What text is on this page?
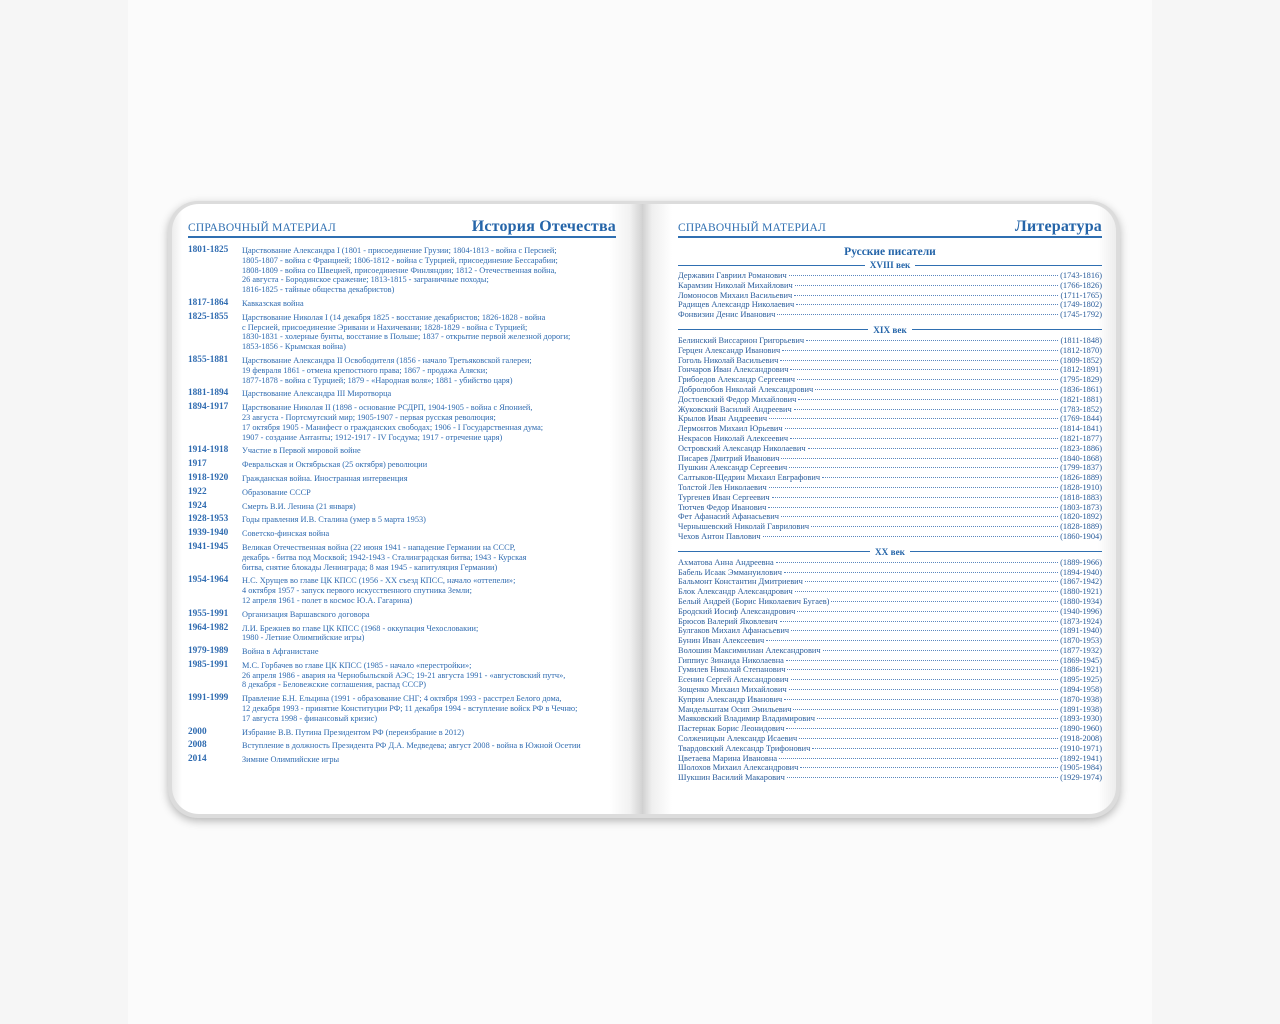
СПРАВОЧНЫЙ МАТЕРИАЛ	История Отечества
1801-1825	Царствование Александра I (1801 - присоединение Грузии; 1804-1813 - война с Персией;
1805-1807 - война с Францией; 1806-1812 - война с Турцией, присоединение Бессарабии;
1808-1809 - война со Швецией, присоединение Финляндии; 1812 - Отечественная война,
26 августа - Бородинское сражение; 1813-1815 - заграничные походы;
1816-1825 - тайные общества декабристов)
1817-1864	Кавказская война
1825-1855	Царствование Николая I (14 декабря 1825 - восстание декабристов; 1826-1828 - война
с Персией, присоединение Эривани и Нахичевани; 1828-1829 - война с Турцией;
1830-1831 - холерные бунты, восстание в Польше; 1837 - открытие первой железной дороги;
1853-1856 - Крымская война)
1855-1881	Царствование Александра II Освободителя (1856 - начало Третьяковской галереи;
19 февраля 1861 - отмена крепостного права; 1867 - продажа Аляски;
1877-1878 - война с Турцией; 1879 - «Народная воля»; 1881 - убийство царя)
1881-1894	Царствование Александра III Миротворца
1894-1917	Царствование Николая II (1898 - основание РСДРП, 1904-1905 - война с Японией,
23 августа - Портсмутский мир; 1905-1907 - первая русская революция;
17 октября 1905 - Манифест о гражданских свободах; 1906 - I Государственная дума;
1907 - создание Антанты; 1912-1917 - IV Госдума; 1917 - отречение царя)
1914-1918	Участие в Первой мировой войне
1917	Февральская и Октябрьская (25 октября) революции
1918-1920	Гражданская война. Иностранная интервенция
1922	Образование СССР
1924	Смерть В.И. Ленина (21 января)
1928-1953	Годы правления И.В. Сталина (умер в 5 марта 1953)
1939-1940	Советско-финская война
1941-1945	Великая Отечественная война (22 июня 1941 - нападение Германии на СССР,
декабрь - битва под Москвой; 1942-1943 - Сталинградская битва; 1943 - Курская
битва, снятие блокады Ленинграда; 8 мая 1945 - капитуляция Германии)
1954-1964	Н.С. Хрущев во главе ЦК КПСС (1956 - XX съезд КПСС, начало «оттепели»;
4 октября 1957 - запуск первого искусственного спутника Земли;
12 апреля 1961 - полет в космос Ю.А. Гагарина)
1955-1991	Организация Варшавского договора
1964-1982	Л.И. Брежнев во главе ЦК КПСС (1968 - оккупация Чехословакии;
1980 - Летние Олимпийские игры)
1979-1989	Война в Афганистане
1985-1991	М.С. Горбачев во главе ЦК КПСС (1985 - начало «перестройки»;
26 апреля 1986 - авария на Чернобыльской АЭС; 19-21 августа 1991 - «августовский путч»,
8 декабря - Беловежские соглашения, распад СССР)
1991-1999	Правление Б.Н. Ельцина (1991 - образование СНГ; 4 октября 1993 - расстрел Белого дома,
12 декабря 1993 - принятие Конституции РФ; 11 декабря 1994 - вступление войск РФ в Чечню;
17 августа 1998 - финансовый кризис)
2000	Избрание В.В. Путина Президентом РФ (переизбрание в 2012)
2008	Вступление в должность Президента РФ Д.А. Медведева; август 2008 - война в Южной Осетии
2014	Зимние Олимпийские игры
СПРАВОЧНЫЙ МАТЕРИАЛ	Литература
Русские писатели
XVIII век
Державин Гавриил Романович	(1743-1816)
Карамзин Николай Михайлович	(1766-1826)
Ломоносов Михаил Васильевич	(1711-1765)
Радищев Александр Николаевич	(1749-1802)
Фонвизин Денис Иванович	(1745-1792)
XIX век
Белинский Виссарион Григорьевич	(1811-1848)
Герцен Александр Иванович	(1812-1870)
Гоголь Николай Васильевич	(1809-1852)
Гончаров Иван Александрович	(1812-1891)
Грибоедов Александр Сергеевич	(1795-1829)
Добролюбов Николай Александрович	(1836-1861)
Достоевский Федор Михайлович	(1821-1881)
Жуковский Василий Андреевич	(1783-1852)
Крылов Иван Андреевич	(1769-1844)
Лермонтов Михаил Юрьевич	(1814-1841)
Некрасов Николай Алексеевич	(1821-1877)
Островский Александр Николаевич	(1823-1886)
Писарев Дмитрий Иванович	(1840-1868)
Пушкин Александр Сергеевич	(1799-1837)
Салтыков-Щедрин Михаил Евграфович	(1826-1889)
Толстой Лев Николаевич	(1828-1910)
Тургенев Иван Сергеевич	(1818-1883)
Тютчев Федор Иванович	(1803-1873)
Фет Афанасий Афанасьевич	(1820-1892)
Чернышевский Николай Гаврилович	(1828-1889)
Чехов Антон Павлович	(1860-1904)
XX век
Ахматова Анна Андреевна	(1889-1966)
Бабель Исаак Эммануилович	(1894-1940)
Бальмонт Константин Дмитриевич	(1867-1942)
Блок Александр Александрович	(1880-1921)
Белый Андрей (Борис Николаевич Бугаев)	(1880-1934)
Бродский Иосиф Александрович	(1940-1996)
Брюсов Валерий Яковлевич	(1873-1924)
Булгаков Михаил Афанасьевич	(1891-1940)
Бунин Иван Алексеевич	(1870-1953)
Волошин Максимилиан Александрович	(1877-1932)
Гиппиус Зинаида Николаевна	(1869-1945)
Гумилев Николай Степанович	(1886-1921)
Есенин Сергей Александрович	(1895-1925)
Зощенко Михаил Михайлович	(1894-1958)
Куприн Александр Иванович	(1870-1938)
Мандельштам Осип Эмильевич	(1891-1938)
Маяковский Владимир Владимирович	(1893-1930)
Пастернак Борис Леонидович	(1890-1960)
Солженицын Александр Исаевич	(1918-2008)
Твардовский Александр Трифонович	(1910-1971)
Цветаева Марина Ивановна	(1892-1941)
Шолохов Михаил Александрович	(1905-1984)
Шукшин Василий Макарович	(1929-1974)
